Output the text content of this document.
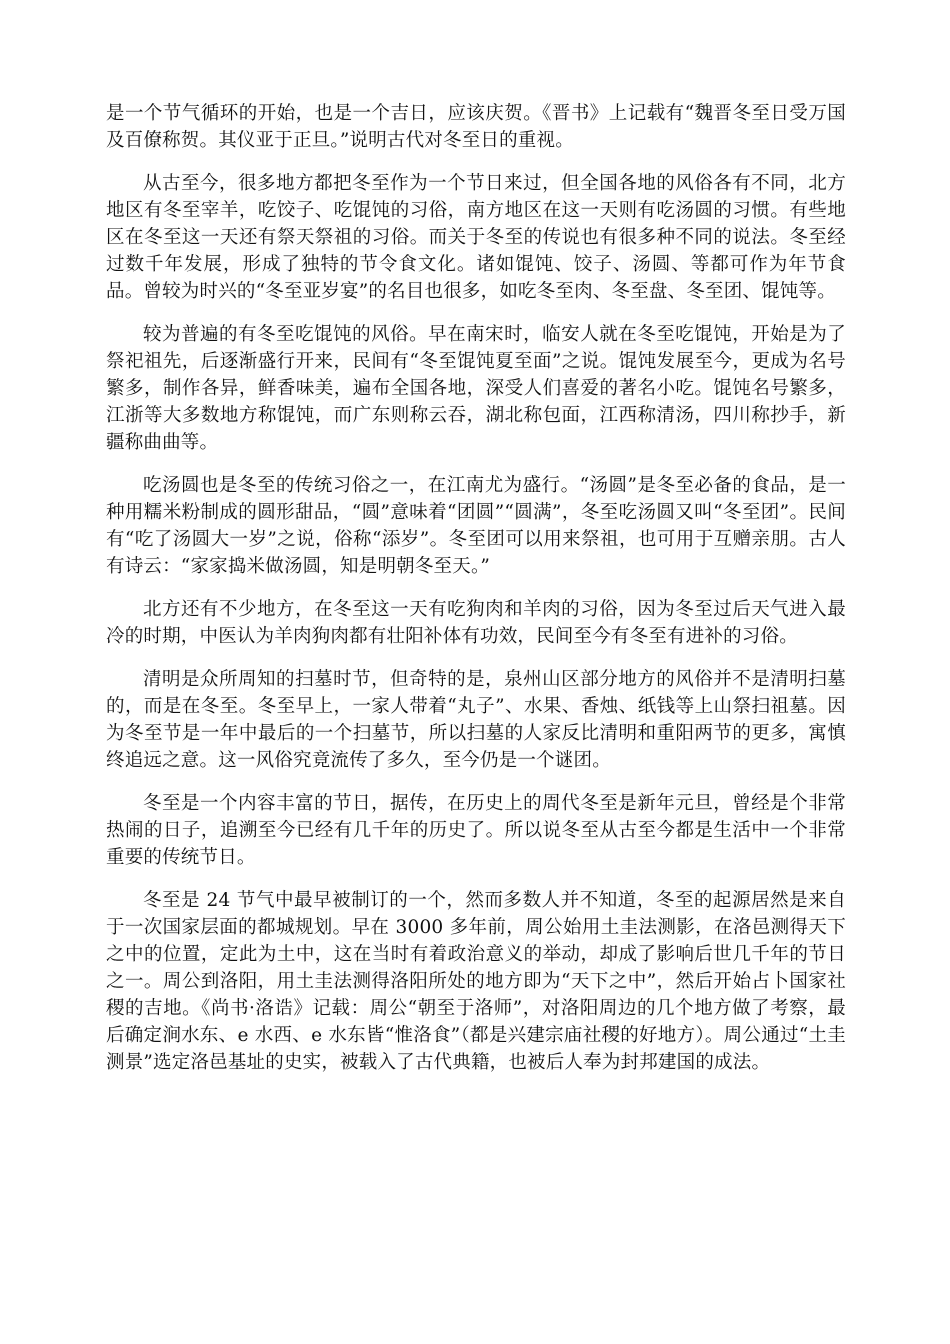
是一个节气循环的开始，也是一个吉日，应该庆贺。《晋书》上记载有“魏晋冬至日受万国及百僚称贺。其仪亚于正旦。”说明古代对冬至日的重视。

从古至今，很多地方都把冬至作为一个节日来过，但全国各地的风俗各有不同，北方地区有冬至宰羊，吃饺子、吃馄饨的习俗，南方地区在这一天则有吃汤圆的习惯。有些地区在冬至这一天还有祭天祭祖的习俗。而关于冬至的传说也有很多种不同的说法。冬至经过数千年发展，形成了独特的节令食文化。诸如馄饨、饺子、汤圆、等都可作为年节食品。曾较为时兴的“冬至亚岁宴”的名目也很多，如吃冬至肉、冬至盘、冬至团、馄饨等。

较为普遍的有冬至吃馄饨的风俗。早在南宋时，临安人就在冬至吃馄饨，开始是为了祭祀祖先，后逐渐盛行开来，民间有“冬至馄饨夏至面”之说。馄饨发展至今，更成为名号繁多，制作各异，鲜香味美，遍布全国各地，深受人们喜爱的著名小吃。馄饨名号繁多，江浙等大多数地方称馄饨，而广东则称云吞，湖北称包面，江西称清汤，四川称抄手，新疆称曲曲等。

吃汤圆也是冬至的传统习俗之一，在江南尤为盛行。“汤圆”是冬至必备的食品，是一种用糯米粉制成的圆形甜品，“圆”意味着“团圆”“圆满”，冬至吃汤圆又叫“冬至团”。民间有“吃了汤圆大一岁”之说，俗称“添岁”。冬至团可以用来祭祖，也可用于互赠亲朋。古人有诗云：“家家捣米做汤圆，知是明朝冬至天。”

北方还有不少地方，在冬至这一天有吃狗肉和羊肉的习俗，因为冬至过后天气进入最冷的时期，中医认为羊肉狗肉都有壮阳补体有功效，民间至今有冬至有进补的习俗。

清明是众所周知的扫墓时节，但奇特的是，泉州山区部分地方的风俗并不是清明扫墓的，而是在冬至。冬至早上，一家人带着“丸子”、水果、香烛、纸钱等上山祭扫祖墓。因为冬至节是一年中最后的一个扫墓节，所以扫墓的人家反比清明和重阳两节的更多，寓慎终追远之意。这一风俗究竟流传了多久，至今仍是一个谜团。

冬至是一个内容丰富的节日，据传，在历史上的周代冬至是新年元旦，曾经是个非常热闹的日子，追溯至今已经有几千年的历史了。所以说冬至从古至今都是生活中一个非常重要的传统节日。

冬至是 24 节气中最早被制订的一个，然而多数人并不知道，冬至的起源居然是来自于一次国家层面的都城规划。早在 3000 多年前，周公始用土圭法测影，在洛邑测得天下之中的位置，定此为土中，这在当时有着政治意义的举动，却成了影响后世几千年的节日之一。周公到洛阳，用土圭法测得洛阳所处的地方即为“天下之中”，然后开始占卜国家社稷的吉地。《尚书·洛诰》记载：周公“朝至于洛师”，对洛阳周边的几个地方做了考察，最后确定涧水东、e 水西、e 水东皆“惟洛食”（都是兴建宗庙社稷的好地方）。周公通过“土圭测景”选定洛邑基址的史实，被载入了古代典籍，也被后人奉为封邦建国的成法。
